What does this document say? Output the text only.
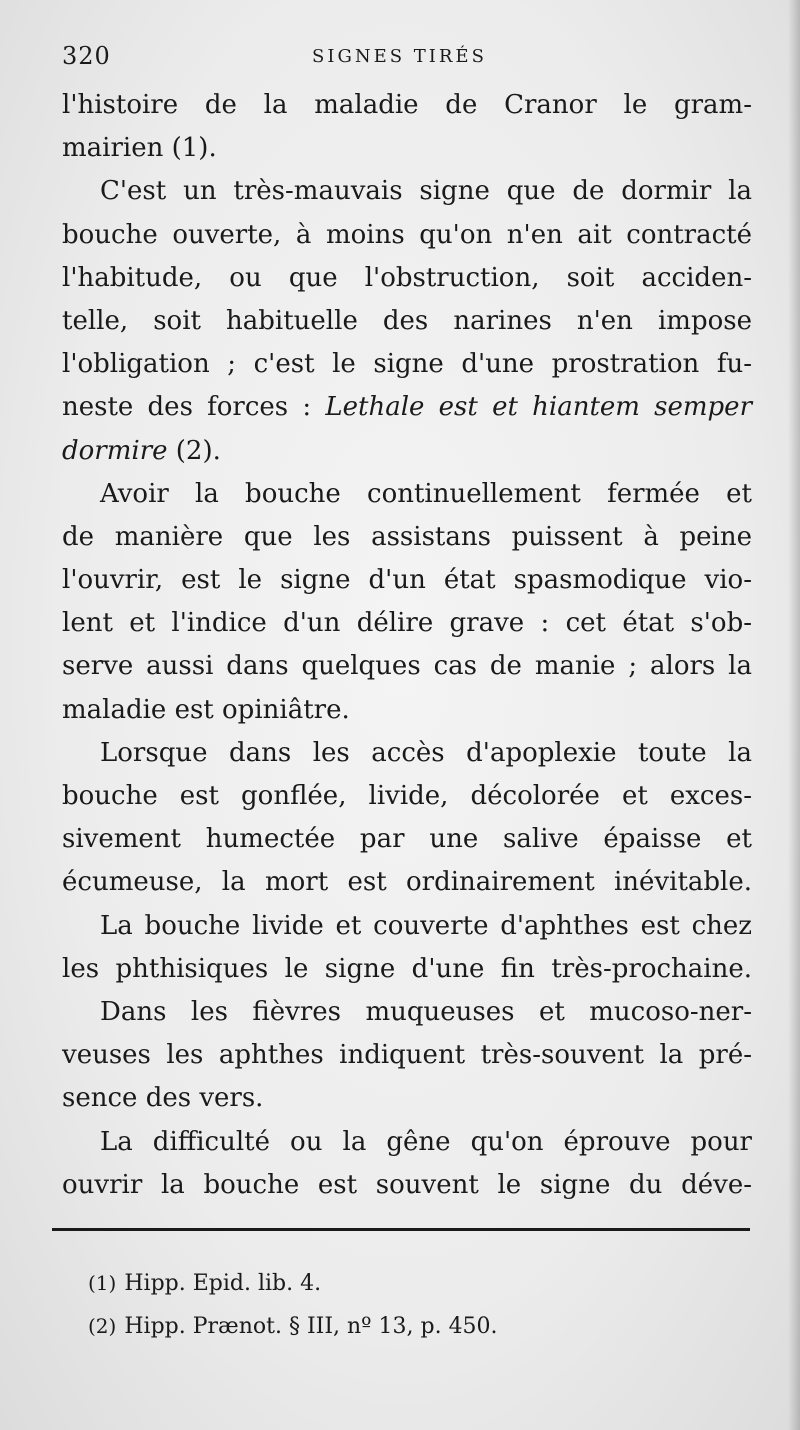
320	SIGNES TIRÉS
l'histoire de la maladie de Cranor le gram-
mairien (1).
C'est un très-mauvais signe que de dormir la
bouche ouverte, à moins qu'on n'en ait contracté
l'habitude, ou que l'obstruction, soit acciden-
telle, soit habituelle des narines n'en impose
l'obligation ; c'est le signe d'une prostration fu-
neste des forces : Lethale est et hiantem semper
dormire (2).
Avoir la bouche continuellement fermée et
de manière que les assistans puissent à peine
l'ouvrir, est le signe d'un état spasmodique vio-
lent et l'indice d'un délire grave : cet état s'ob-
serve aussi dans quelques cas de manie ; alors la
maladie est opiniâtre.
Lorsque dans les accès d'apoplexie toute la
bouche est gonflée, livide, décolorée et exces-
sivement humectée par une salive épaisse et
écumeuse, la mort est ordinairement inévitable.
La bouche livide et couverte d'aphthes est chez
les phthisiques le signe d'une fin très-prochaine.
Dans les fièvres muqueuses et mucoso-ner-
veuses les aphthes indiquent très-souvent la pré-
sence des vers.
La difficulté ou la gêne qu'on éprouve pour
ouvrir la bouche est souvent le signe du déve-
(1) Hipp. Epid. lib. 4.
(2) Hipp. Prænot. § III, nº 13, p. 450.
